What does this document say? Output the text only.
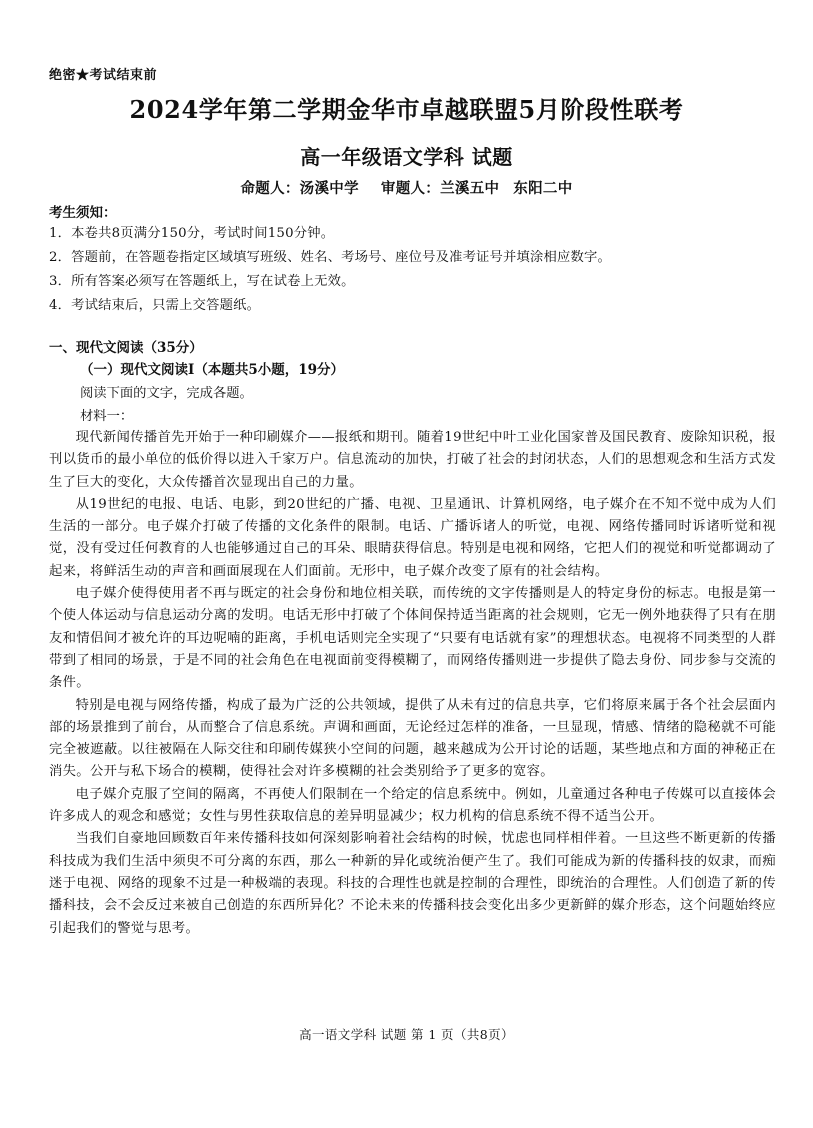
绝密★考试结束前
2024学年第二学期金华市卓越联盟5月阶段性联考
高一年级语文学科 试题
命题人：汤溪中学 审题人：兰溪五中 东阳二中
考生须知：
1．本卷共8页满分150分，考试时间150分钟。
2．答题前，在答题卷指定区域填写班级、姓名、考场号、座位号及准考证号并填涂相应数字。
3．所有答案必须写在答题纸上，写在试卷上无效。
4．考试结束后，只需上交答题纸。
一、现代文阅读（35分）
（一）现代文阅读Ⅰ（本题共5小题，19分）
阅读下面的文字，完成各题。
材料一：

现代新闻传播首先开始于一种印刷媒介——报纸和期刊。随着19世纪中叶工业化国家普及国民教育、废除知识税，报刊以货币的最小单位的低价得以进入千家万户。信息流动的加快，打破了社会的封闭状态，人们的思想观念和生活方式发生了巨大的变化，大众传播首次显现出自己的力量。

从19世纪的电报、电话、电影，到20世纪的广播、电视、卫星通讯、计算机网络，电子媒介在不知不觉中成为人们生活的一部分。电子媒介打破了传播的文化条件的限制。电话、广播诉诸人的听觉，电视、网络传播同时诉诸听觉和视觉，没有受过任何教育的人也能够通过自己的耳朵、眼睛获得信息。特别是电视和网络，它把人们的视觉和听觉都调动了起来，将鲜活生动的声音和画面展现在人们面前。无形中，电子媒介改变了原有的社会结构。

电子媒介使得使用者不再与既定的社会身份和地位相关联，而传统的文字传播则是人的特定身份的标志。电报是第一个使人体运动与信息运动分离的发明。电话无形中打破了个体间保持适当距离的社会规则，它无一例外地获得了只有在朋友和情侣间才被允许的耳边呢喃的距离，手机电话则完全实现了“只要有电话就有家”的理想状态。电视将不同类型的人群带到了相同的场景，于是不同的社会角色在电视面前变得模糊了，而网络传播则进一步提供了隐去身份、同步参与交流的条件。

特别是电视与网络传播，构成了最为广泛的公共领域，提供了从未有过的信息共享，它们将原来属于各个社会层面内部的场景推到了前台，从而整合了信息系统。声调和画面，无论经过怎样的准备，一旦显现，情感、情绪的隐秘就不可能完全被遮蔽。以往被隔在人际交往和印刷传媒狭小空间的问题，越来越成为公开讨论的话题，某些地点和方面的神秘正在消失。公开与私下场合的模糊，使得社会对许多模糊的社会类别给予了更多的宽容。

电子媒介克服了空间的隔离，不再使人们限制在一个给定的信息系统中。例如，儿童通过各种电子传媒可以直接体会许多成人的观念和感觉；女性与男性获取信息的差异明显减少；权力机构的信息系统不得不适当公开。

当我们自豪地回顾数百年来传播科技如何深刻影响着社会结构的时候，忧虑也同样相伴着。一旦这些不断更新的传播科技成为我们生活中须臾不可分离的东西，那么一种新的异化或统治便产生了。我们可能成为新的传播科技的奴隶，而痴迷于电视、网络的现象不过是一种极端的表现。科技的合理性也就是控制的合理性，即统治的合理性。人们创造了新的传播科技，会不会反过来被自己创造的东西所异化？不论未来的传播科技会变化出多少更新鲜的媒介形态，这个问题始终应引起我们的警觉与思考。

高一语文学科 试题 第 1 页（共8页）
